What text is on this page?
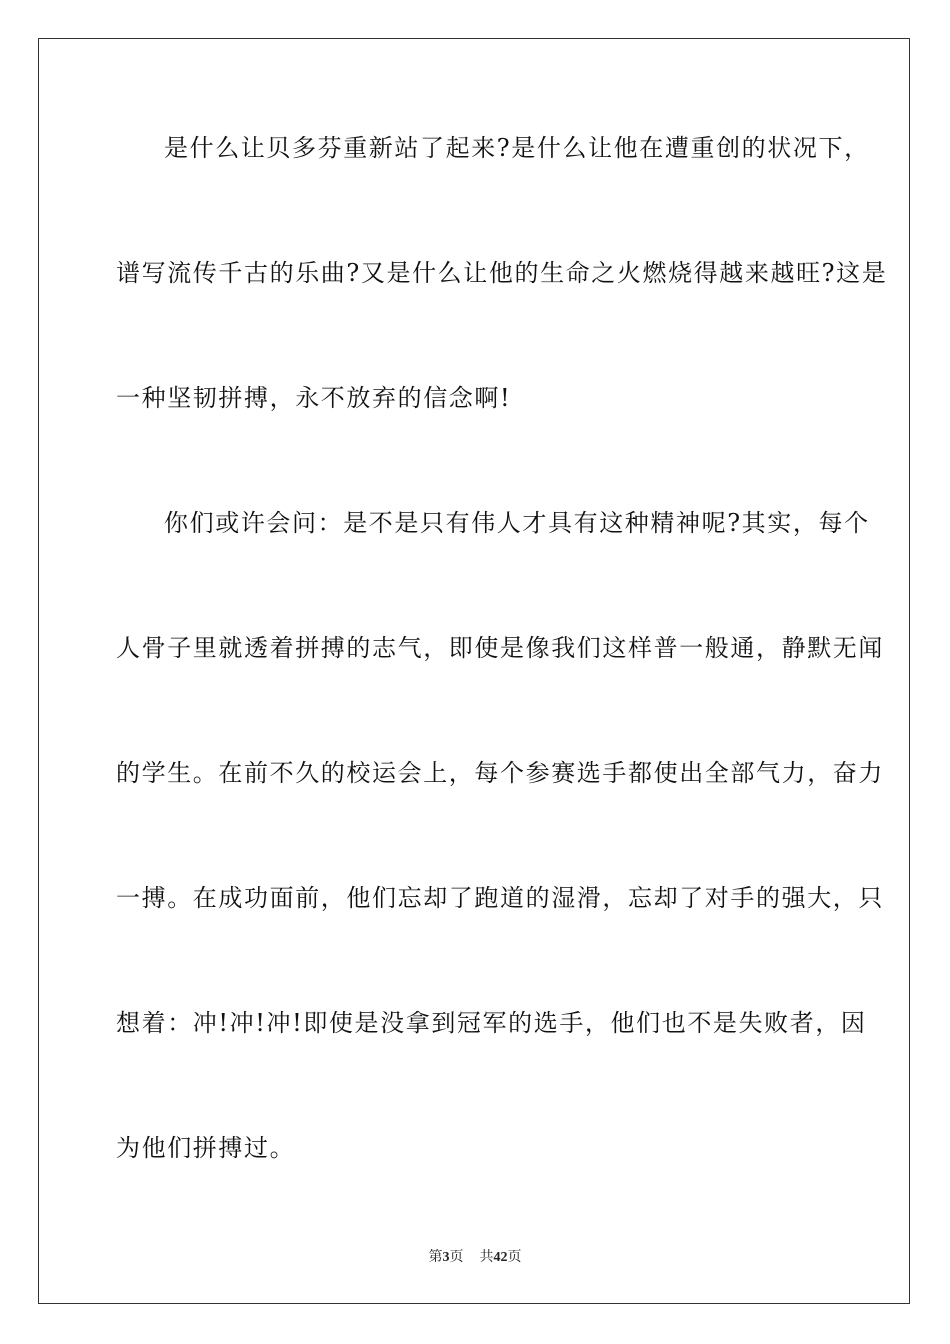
是什么让贝多芬重新站了起来?是什么让他在遭重创的状况下，
谱写流传千古的乐曲?又是什么让他的生命之火燃烧得越来越旺?这是
一种坚韧拼搏，永不放弃的信念啊!
你们或许会问：是不是只有伟人才具有这种精神呢?其实，每个
人骨子里就透着拼搏的志气，即使是像我们这样普一般通，静默无闻
的学生。在前不久的校运会上，每个参赛选手都使出全部气力，奋力
一搏。在成功面前，他们忘却了跑道的湿滑，忘却了对手的强大，只
想着：冲!冲!冲!即使是没拿到冠军的选手，他们也不是失败者，因
为他们拼搏过。
第3页 共42页
